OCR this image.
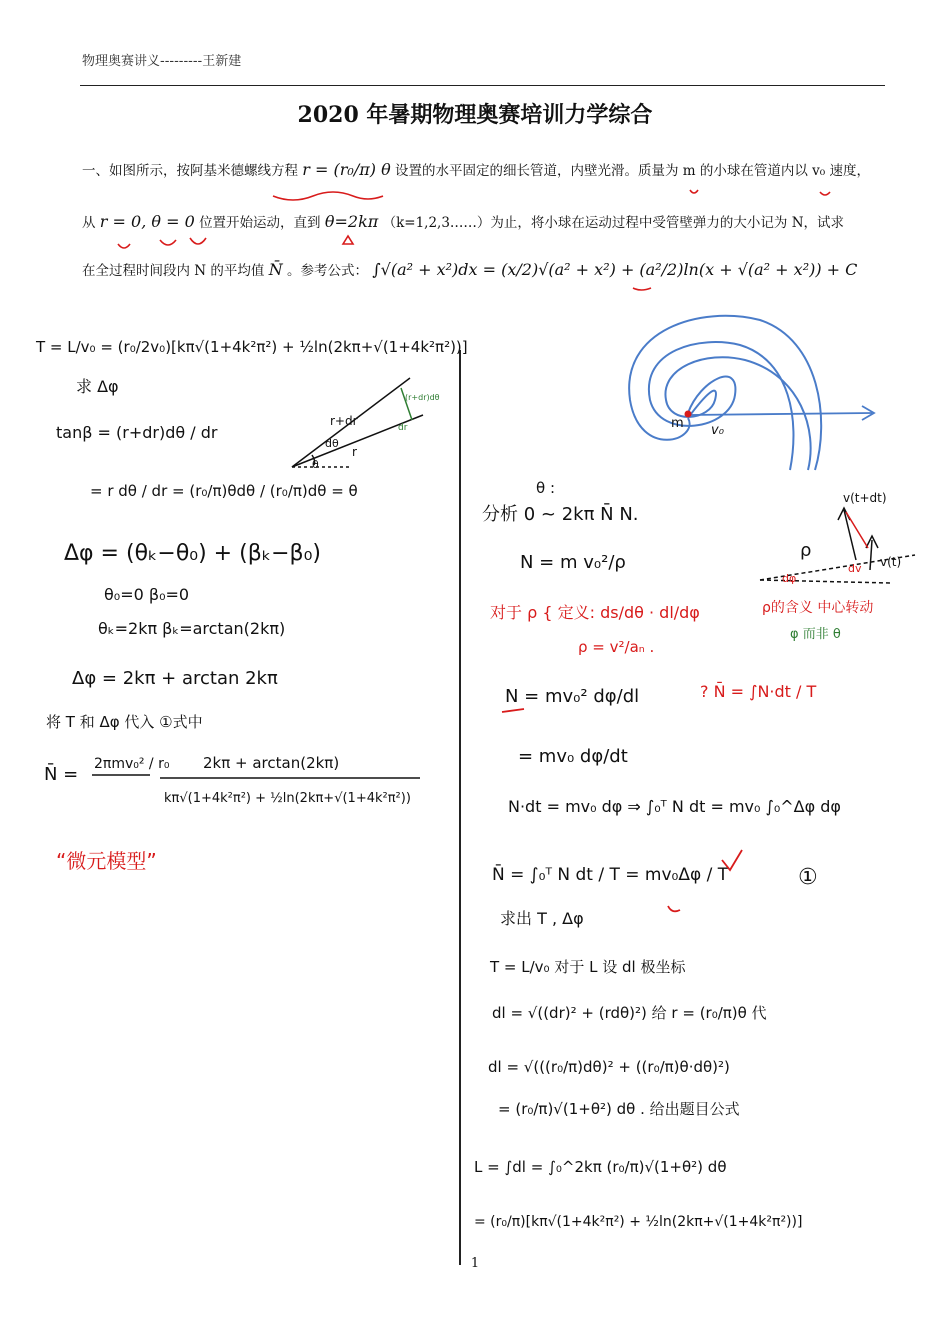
物理奥赛讲义---------王新建
2020 年暑期物理奥赛培训力学综合
一、如图所示，按阿基米德螺线方程 r = (r₀/π) θ 设置的水平固定的细长管道，内壁光滑。质量为 m 的小球在管道内以 v₀ 速度，
从 r = 0, θ = 0 位置开始运动，直到 θ=2kπ （k=1,2,3……）为止，将小球在运动过程中受管壁弹力的大小记为 N，试求
在全过程时间段内 N 的平均值 N̄ 。参考公式： ∫√(a² + x²)dx = (x/2)√(a² + x²) + (a²/2)ln(x + √(a² + x²)) + C
m v₀
r+dr
dθ
r
θ
(r+dr)dθ
dr
T = L/v₀ = (r₀/2v₀)[kπ√(1+4k²π²) + ½ln(2kπ+√(1+4k²π²))]
求 Δφ
tanβ = (r+dr)dθ / dr
= r dθ / dr = (r₀/π)θdθ / (r₀/π)dθ = θ
Δφ = (θₖ−θ₀) + (βₖ−β₀)
θ₀=0 β₀=0
θₖ=2kπ βₖ=arctan(2kπ)
Δφ = 2kπ + arctan 2kπ
将 T 和 Δφ 代入 ①式中
N̄ = 2πmv₀² / r₀ 2kπ + arctan(2kπ)
kπ√(1+4k²π²) + ½ln(2kπ+√(1+4k²π²))
“微元模型”
v(t+dt)
v(t)
ρ
dφ
dv
θ :
分析 0 ~ 2kπ N̄ N.
N = m v₀²/ρ
对于 ρ { 定义: ds/dθ · dl/dφ
ρ = v²/aₙ .
ρ的含义 中心转动
φ 而非 θ
N = mv₀² dφ/dl	? N̄ = ∫N·dt / T
= mv₀ dφ/dt
N·dt = mv₀ dφ ⇒ ∫₀ᵀ N dt = mv₀ ∫₀^Δφ dφ
N̄ = ∫₀ᵀ N dt / T = mv₀Δφ / T	①
求出 T , Δφ
T = L/v₀ 对于 L 设 dl 极坐标
dl = √((dr)² + (rdθ)²) 给 r = (r₀/π)θ 代
dl = √(((r₀/π)dθ)² + ((r₀/π)θ·dθ)²)
= (r₀/π)√(1+θ²) dθ . 给出题目公式
L = ∫dl = ∫₀^2kπ (r₀/π)√(1+θ²) dθ
= (r₀/π)[kπ√(1+4k²π²) + ½ln(2kπ+√(1+4k²π²))]
1
